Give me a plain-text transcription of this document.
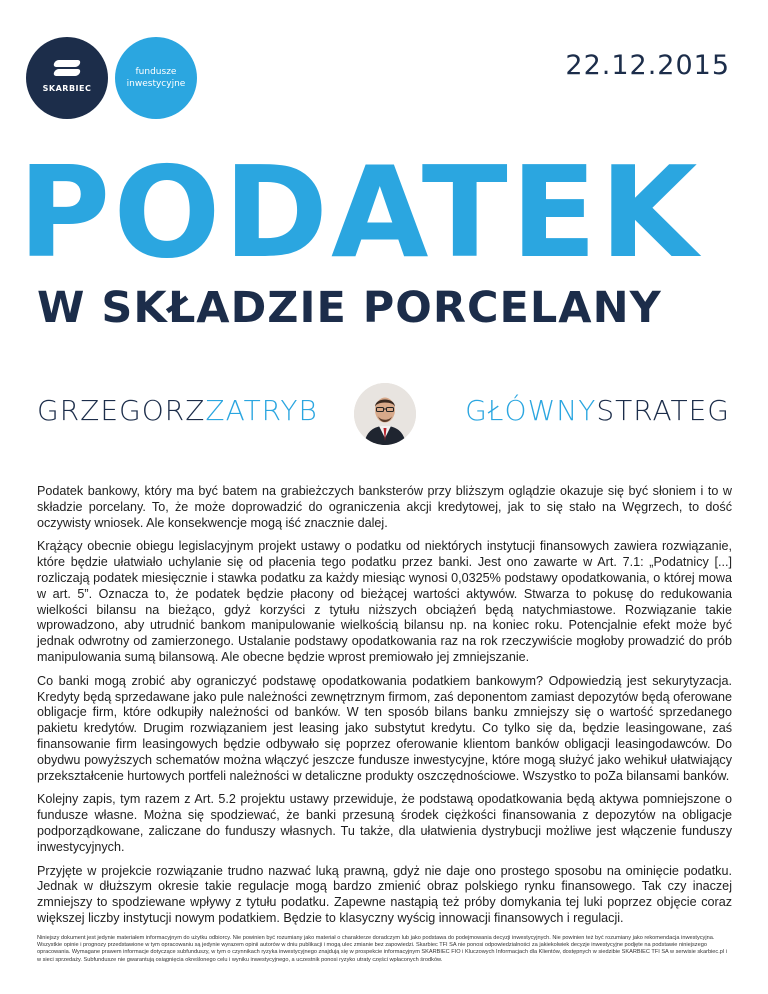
SKARBIEC
fundusze
inwestycyjne
22.12.2015
PODATEK
W SKŁADZIE PORCELANY
GRZEGORZZATRYB	GŁÓWNYSTRATEG

Podatek bankowy, który ma być batem na grabieżczych banksterów przy bliższym oglądzie okazuje się być słoniem i to w składzie porcelany. To, że może doprowadzić do ograniczenia akcji kredytowej, jak to się stało na Węgrzech, to dość oczywisty wniosek. Ale konsekwencje mogą iść znacznie dalej.

Krążący obecnie obiegu legislacyjnym projekt ustawy o podatku od niektórych instytucji finansowych zawiera rozwiązanie, które będzie ułatwiało uchylanie się od płacenia tego podatku przez banki. Jest ono zawarte w Art. 7.1: „Podatnicy [...] rozliczają podatek miesięcznie i stawka podatku za każdy miesiąc wynosi 0,0325% podstawy opodatkowania, o której mowa w art. 5”. Oznacza to, że podatek będzie płacony od bieżącej wartości aktywów. Stwarza to pokusę do redukowania wielkości bilansu na bieżąco, gdyż korzyści z tytułu niższych obciążeń będą natychmiastowe. Rozwiązanie takie wprowadzono, aby utrudnić bankom manipulowanie wielkością bilansu np. na koniec roku. Potencjalnie efekt może być jednak odwrotny od zamierzonego. Ustalanie podstawy opodatkowania raz na rok rzeczywiście mogłoby prowadzić do prób manipulowania sumą bilansową. Ale obecne będzie wprost premiowało jej zmniejszanie.

Co banki mogą zrobić aby ograniczyć podstawę opodatkowania podatkiem bankowym? Odpowiedzią jest sekurytyzacja. Kredyty będą sprzedawane jako pule należności zewnętrznym firmom, zaś deponentom zamiast depozytów będą oferowane obligacje firm, które odkupiły należności od banków. W ten sposób bilans banku zmniejszy się o wartość sprzedanego pakietu kredytów. Drugim rozwiązaniem jest leasing jako substytut kredytu. Co tylko się da, będzie leasingowane, zaś finansowanie firm leasingowych będzie odbywało się poprzez oferowanie klientom banków obligacji leasingodawców. Do obydwu powyższych schematów można włączyć jeszcze fundusze inwestycyjne, które mogą służyć jako wehikuł ułatwiający przekształcenie hurtowych portfeli należności w detaliczne produkty oszczędnościowe. Wszystko to poZa bilansami banków.

Kolejny zapis, tym razem z Art. 5.2 projektu ustawy przewiduje, że podstawą opodatkowania będą aktywa pomniejszone o fundusze własne. Można się spodziewać, że banki przesuną środek ciężkości finansowania z depozytów na obligacje podporządkowane, zaliczane do funduszy własnych. Tu także, dla ułatwienia dystrybucji możliwe jest włączenie funduszy inwestycyjnych.

Przyjęte w projekcie rozwiązanie trudno nazwać luką prawną, gdyż nie daje ono prostego sposobu na ominięcie podatku. Jednak w dłuższym okresie takie regulacje mogą bardzo zmienić obraz polskiego rynku finansowego. Tak czy inaczej zmniejszy to spodziewane wpływy z tytułu podatku. Zapewne nastąpią też próby domykania tej luki poprzez objęcie coraz większej liczby instytucji nowym podatkiem. Będzie to klasyczny wyścig innowacji finansowych i regulacji.

Niniejszy dokument jest jedynie materiałem informacyjnym do użytku odbiorcy. Nie powinien być rozumiany jako materiał o charakterze doradczym lub jako podstawa do podejmowania decyzji inwestycyjnych. Nie powinien też być rozumiany jako rekomendacja inwestycyjna. Wszystkie opinie i prognozy przedstawione w tym opracowaniu są jedynie wyrazem opinii autorów w dniu publikacji i mogą ulec zmianie bez zapowiedzi. Skarbiec TFI SA nie ponosi odpowiedzialności za jakiekolwiek decyzje inwestycyjne podjęte na podstawie niniejszego opracowania. Wymagane prawem informacje dotyczące subfunduszy, w tym o czynnikach ryzyka inwestycyjnego znajdują się w prospekcie informacyjnym SKARBIEC FIO i Kluczowych Informacjach dla Klientów, dostępnych w siedzibie SKARBIEC TFI SA w serwisie skarbiec.pl i w sieci sprzedaży. Subfundusze nie gwarantują osiągnięcia określonego celu i wyniku inwestycyjnego, a uczestnik ponosi ryzyko utraty części wpłaconych środków.
